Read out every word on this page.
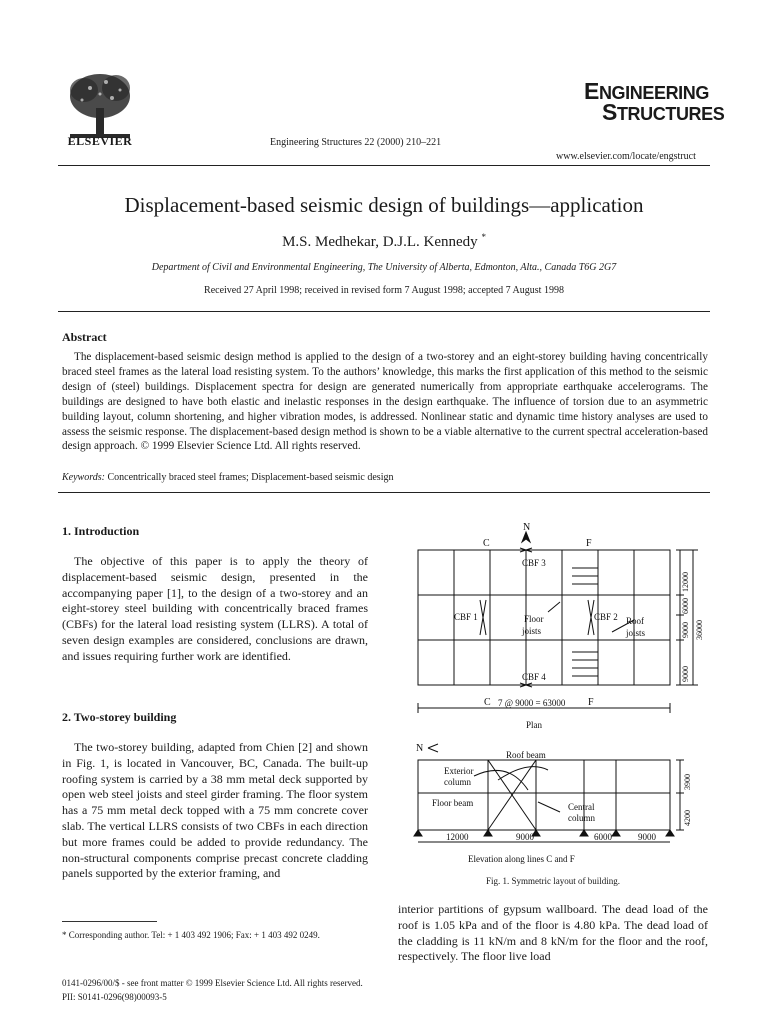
ELSEVIER	Engineering Structures 22 (2000) 210–221
ENGINEERING
STRUCTURES
www.elsevier.com/locate/engstruct
Displacement-based seismic design of buildings—application
M.S. Medhekar, D.J.L. Kennedy *
Department of Civil and Environmental Engineering, The University of Alberta, Edmonton, Alta., Canada T6G 2G7
Received 27 April 1998; received in revised form 7 August 1998; accepted 7 August 1998
Abstract
The displacement-based seismic design method is applied to the design of a two-storey and an eight-storey building having concentrically braced steel frames as the lateral load resisting system. To the authors’ knowledge, this marks the first application of this method to the seismic design of (steel) buildings. Displacement spectra for design are generated numerically from appropriate earthquake accelerograms. The buildings are designed to have both elastic and inelastic responses in the design earthquake. The influence of torsion due to an asymmetric building layout, column shortening, and higher vibration modes, is addressed. Nonlinear static and dynamic time history analyses are used to assess the seismic response. The displacement-based design method is shown to be a viable alternative to the current spectral acceleration-based design approach. © 1999 Elsevier Science Ltd. All rights reserved.
Keywords: Concentrically braced steel frames; Displacement-based seismic design
1. Introduction
The objective of this paper is to apply the theory of displacement-based seismic design, presented in the accompanying paper [1], to the design of a two-storey and an eight-storey steel building with concentrically braced frames (CBFs) for the lateral load resisting system (LLRS). A total of seven design examples are considered, conclusions are drawn, and issues requiring further work are identified.
2. Two-storey building
The two-storey building, adapted from Chien [2] and shown in Fig. 1, is located in Vancouver, BC, Canada. The built-up roofing system is carried by a 38 mm metal deck supported by open web steel joists and steel girder framing. The floor system has a 75 mm metal deck topped with a 75 mm concrete cover slab. The vertical LLRS consists of two CBFs in each direction but more frames could be added to provide redundancy. The non-structural components comprise precast concrete cladding panels supported by the exterior framing, and
* Corresponding author. Tel: + 1 403 492 1906; Fax: + 1 403 492 0249.
0141-0296/00/$ - see front matter © 1999 Elsevier Science Ltd. All rights reserved.
PII: S0141-0296(98)00093-5
N
C	F
CBF 3
CBF 1	CBF 2
CBF 4
Floor
joists
Roof
joists
C	F
7 @ 9000 = 63000
Plan
12000
6000
9000
9000
36000
N
Roof beam
Exterior
column
Floor beam	Central
column
12000	9000	6000	9000
4200
3900
Elevation along lines C and F
Fig. 1. Symmetric layout of building.
interior partitions of gypsum wallboard. The dead load of the roof is 1.05 kPa and of the floor is 4.80 kPa. The dead load of the cladding is 11 kN/m and 8 kN/m for the floor and the roof, respectively. The floor live load
